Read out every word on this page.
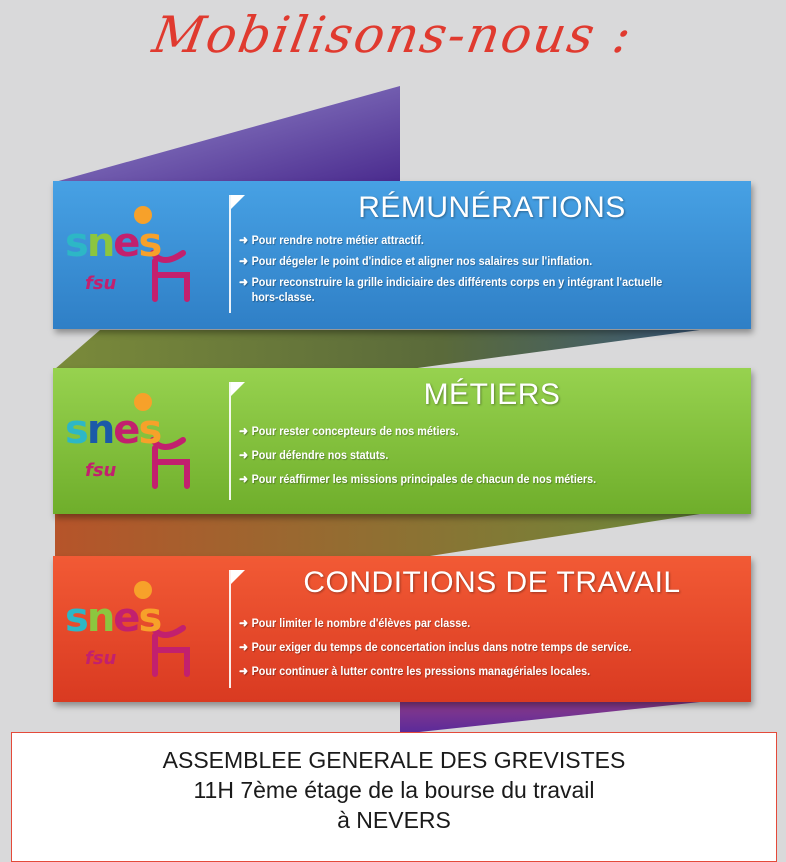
Mobilisons-nous :
snes
fsu
RÉMUNÉRATIONS
➜ Pour rendre notre métier attractif.
➜ Pour dégeler le point d'indice et aligner nos salaires sur l'inflation.
➜ Pour reconstruire la grille indiciaire des différents corps en y intégrant l'actuelle hors-classe.
snes
fsu
MÉTIERS
➜ Pour rester concepteurs de nos métiers.
➜ Pour défendre nos statuts.
➜ Pour réaffirmer les missions principales de chacun de nos métiers.
snes
fsu
CONDITIONS DE TRAVAIL
➜ Pour limiter le nombre d'élèves par classe.
➜ Pour exiger du temps de concertation inclus dans notre temps de service.
➜ Pour continuer à lutter contre les pressions managériales locales.
ASSEMBLEE GENERALE DES GREVISTES
11H 7ème étage de la bourse du travail
à NEVERS
